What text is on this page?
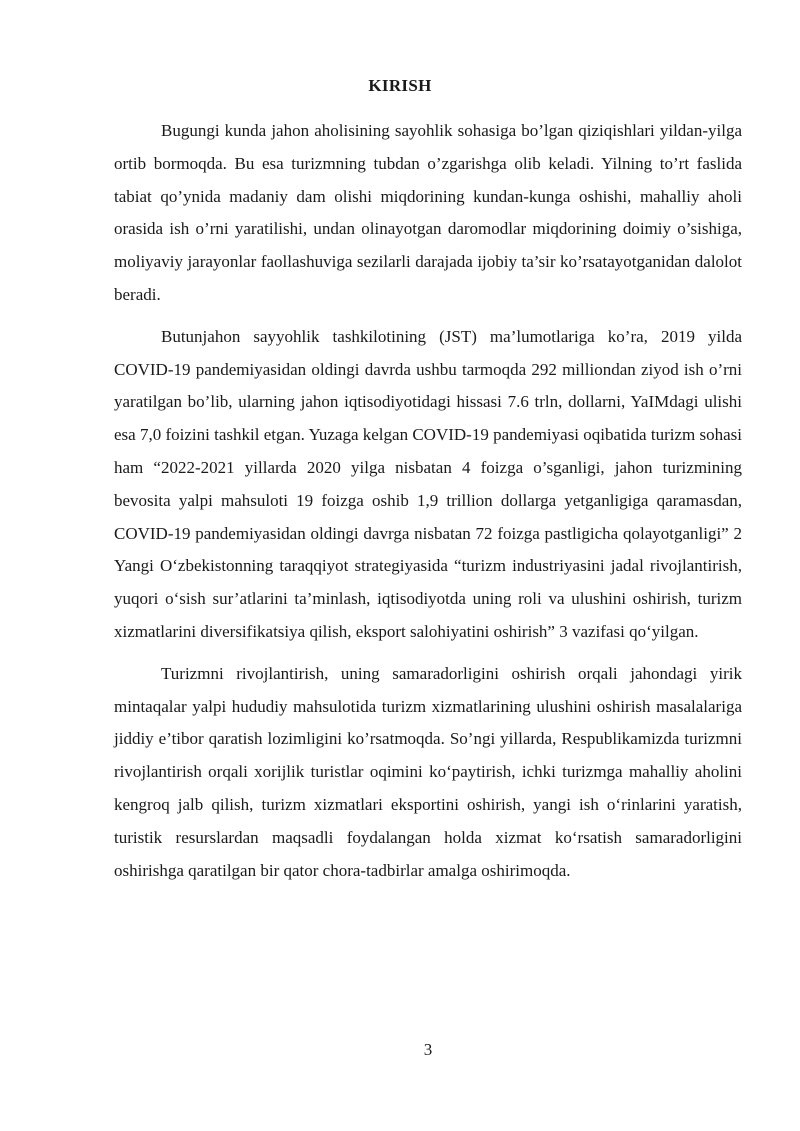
KIRISH

Bugungi kunda jahon aholisining sayohlik sohasiga bo’lgan qiziqishlari yildan-yilga ortib bormoqda. Bu esa turizmning tubdan o’zgarishga olib keladi. Yilning to’rt faslida tabiat qo’ynida madaniy dam olishi miqdorining kundan-kunga oshishi, mahalliy aholi orasida ish o’rni yaratilishi, undan olinayotgan daromodlar miqdorining doimiy o’sishiga, moliyaviy jarayonlar faollashuviga sezilarli darajada ijobiy ta’sir ko’rsatayotganidan dalolot beradi.

Butunjahon sayyohlik tashkilotining (JST) ma’lumotlariga ko’ra, 2019 yilda COVID-19 pandemiyasidan oldingi davrda ushbu tarmoqda 292 milliondan ziyod ish o’rni yaratilgan bo’lib, ularning jahon iqtisodiyotidagi hissasi 7.6 trln, dollarni, YaIMdagi ulishi esa 7,0 foizini tashkil etgan. Yuzaga kelgan COVID-19 pandemiyasi oqibatida turizm sohasi ham “2022-2021 yillarda 2020 yilga nisbatan 4 foizga o’sganligi, jahon turizmining bevosita yalpi mahsuloti 19 foizga oshib 1,9 trillion dollarga yetganligiga qaramasdan, COVID-19 pandemiyasidan oldingi davrga nisbatan 72 foizga pastligicha qolayotganligi” 2 Yangi O‘zbekistonning taraqqiyot strategiyasida “turizm industriyasini jadal rivojlantirish, yuqori o‘sish sur’atlarini ta’minlash, iqtisodiyotda uning roli va ulushini oshirish, turizm xizmatlarini diversifikatsiya qilish, eksport salohiyatini oshirish” 3 vazifasi qo‘yilgan.

Turizmni rivojlantirish, uning samaradorligini oshirish orqali jahondagi yirik mintaqalar yalpi hududiy mahsulotida turizm xizmatlarining ulushini oshirish masalalariga jiddiy e’tibor qaratish lozimligini ko’rsatmoqda. So’ngi yillarda, Respublikamizda turizmni rivojlantirish orqali xorijlik turistlar oqimini ko‘paytirish, ichki turizmga mahalliy aholini kengroq jalb qilish, turizm xizmatlari eksportini oshirish, yangi ish o‘rinlarini yaratish, turistik resurslardan maqsadli foydalangan holda xizmat ko‘rsatish samaradorligini oshirishga qaratilgan bir qator chora-tadbirlar amalga oshirimoqda.

3
